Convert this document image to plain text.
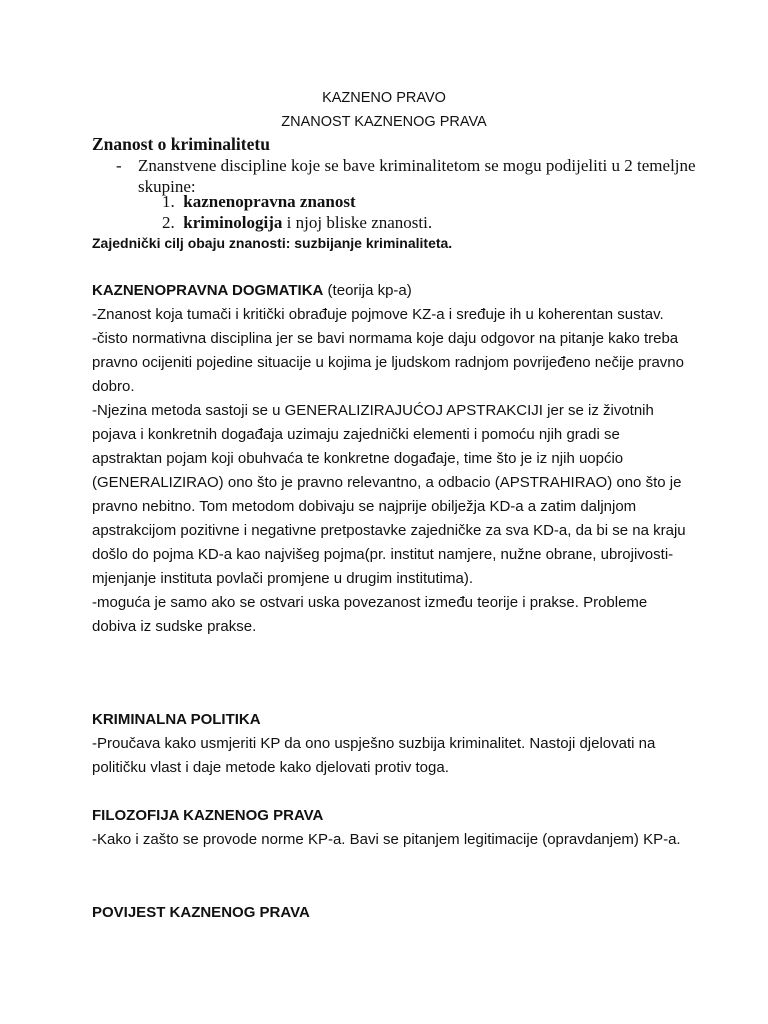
KAZNENO PRAVO
ZNANOST KAZNENOG PRAVA
Znanost o kriminalitetu
- Znanstvene discipline koje se bave kriminalitetom se mogu podijeliti u 2 temeljne skupine:
1. kaznenopravna znanost
2. kriminologija i njoj bliske znanosti.
Zajednički cilj obaju znanosti: suzbijanje kriminaliteta.

KAZNENOPRAVNA DOGMATIKA (teorija kp-a)

-Znanost koja tumači i kritički obrađuje pojmove KZ-a i sređuje ih u koherentan sustav.

-čisto normativna disciplina jer se bavi normama koje daju odgovor na pitanje kako treba pravno ocijeniti pojedine situacije u kojima je ljudskom radnjom povrijeđeno nečije pravno dobro.

-Njezina metoda sastoji se u GENERALIZIRAJUĆOJ APSTRAKCIJI jer se iz životnih pojava i konkretnih događaja uzimaju zajednički elementi i pomoću njih gradi se apstraktan pojam koji obuhvaća te konkretne događaje, time što je iz njih uopćio (GENERALIZIRAO) ono što je pravno relevantno, a odbacio (APSTRAHIRAO) ono što je pravno nebitno. Tom metodom dobivaju se najprije obilježja KD-a a zatim daljnjom apstrakcijom pozitivne i negativne pretpostavke zajedničke za sva KD-a, da bi se na kraju došlo do pojma KD-a kao najvišeg pojma(pr. institut namjere, nužne obrane, ubrojivosti-mjenjanje instituta povlači promjene u drugim institutima).

-moguća je samo ako se ostvari uska povezanost između teorije i prakse. Probleme dobiva iz sudske prakse.

KRIMINALNA POLITIKA

-Proučava kako usmjeriti KP da ono uspješno suzbija kriminalitet. Nastoji djelovati na političku vlast i daje metode kako djelovati protiv toga.

FILOZOFIJA KAZNENOG PRAVA

-Kako i zašto se provode norme KP-a. Bavi se pitanjem legitimacije (opravdanjem) KP-a.

POVIJEST KAZNENOG PRAVA
